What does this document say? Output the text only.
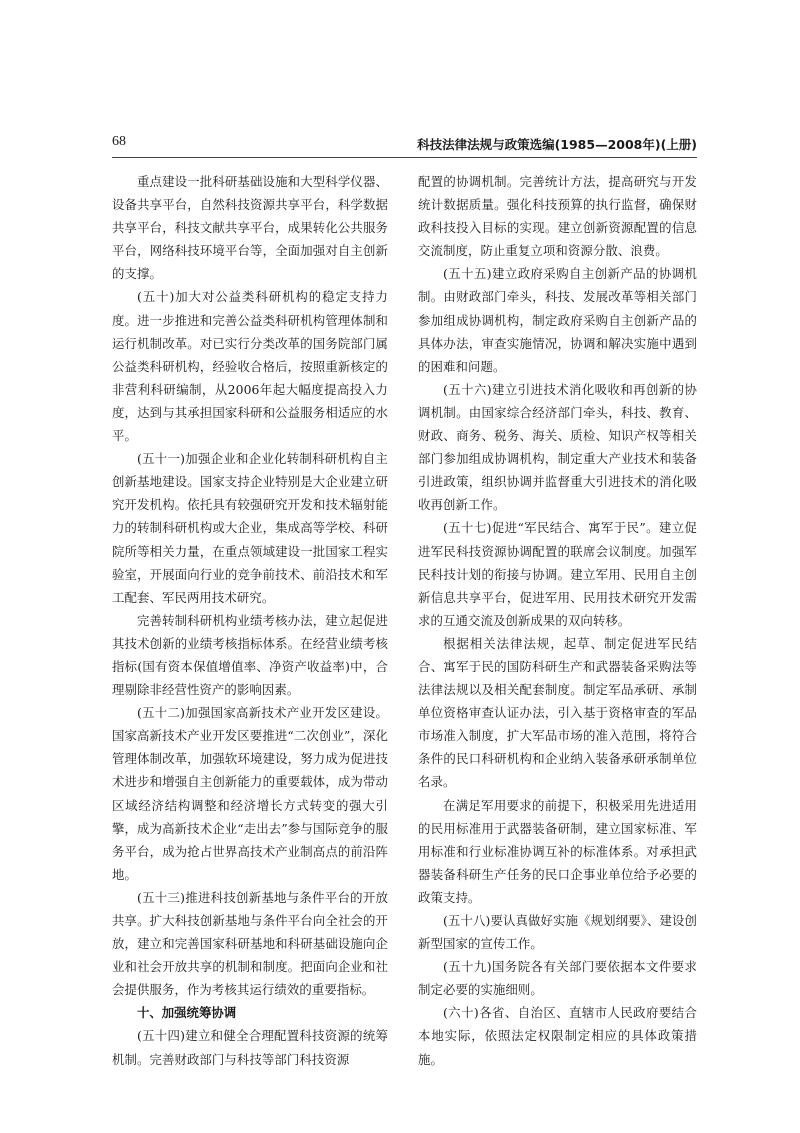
68	科技法律法规与政策选编(1985—2008年)(上册)

重点建设一批科研基础设施和大型科学仪器、设备共享平台，自然科技资源共享平台，科学数据共享平台，科技文献共享平台，成果转化公共服务平台，网络科技环境平台等，全面加强对自主创新的支撑。

(五十)加大对公益类科研机构的稳定支持力度。进一步推进和完善公益类科研机构管理体制和运行机制改革。对已实行分类改革的国务院部门属公益类科研机构，经验收合格后，按照重新核定的非营利科研编制，从2006年起大幅度提高投入力度，达到与其承担国家科研和公益服务相适应的水平。

(五十一)加强企业和企业化转制科研机构自主创新基地建设。国家支持企业特别是大企业建立研究开发机构。依托具有较强研究开发和技术辐射能力的转制科研机构或大企业，集成高等学校、科研院所等相关力量，在重点领域建设一批国家工程实验室，开展面向行业的竞争前技术、前沿技术和军工配套、军民两用技术研究。

完善转制科研机构业绩考核办法，建立起促进其技术创新的业绩考核指标体系。在经营业绩考核指标(国有资本保值增值率、净资产收益率)中，合理剔除非经营性资产的影响因素。

(五十二)加强国家高新技术产业开发区建设。国家高新技术产业开发区要推进“二次创业”，深化管理体制改革，加强软环境建设，努力成为促进技术进步和增强自主创新能力的重要载体，成为带动区域经济结构调整和经济增长方式转变的强大引擎，成为高新技术企业“走出去”参与国际竞争的服务平台，成为抢占世界高技术产业制高点的前沿阵地。

(五十三)推进科技创新基地与条件平台的开放共享。扩大科技创新基地与条件平台向全社会的开放，建立和完善国家科研基地和科研基础设施向企业和社会开放共享的机制和制度。把面向企业和社会提供服务，作为考核其运行绩效的重要指标。

十、加强统筹协调

(五十四)建立和健全合理配置科技资源的统筹机制。完善财政部门与科技等部门科技资源

配置的协调机制。完善统计方法，提高研究与开发统计数据质量。强化科技预算的执行监督，确保财政科技投入目标的实现。建立创新资源配置的信息交流制度，防止重复立项和资源分散、浪费。

(五十五)建立政府采购自主创新产品的协调机制。由财政部门牵头，科技、发展改革等相关部门参加组成协调机构，制定政府采购自主创新产品的具体办法，审查实施情况，协调和解决实施中遇到的困难和问题。

(五十六)建立引进技术消化吸收和再创新的协调机制。由国家综合经济部门牵头，科技、教育、财政、商务、税务、海关、质检、知识产权等相关部门参加组成协调机构，制定重大产业技术和装备引进政策，组织协调并监督重大引进技术的消化吸收再创新工作。

(五十七)促进“军民结合、寓军于民”。建立促进军民科技资源协调配置的联席会议制度。加强军民科技计划的衔接与协调。建立军用、民用自主创新信息共享平台，促进军用、民用技术研究开发需求的互通交流及创新成果的双向转移。

根据相关法律法规，起草、制定促进军民结合、寓军于民的国防科研生产和武器装备采购法等法律法规以及相关配套制度。制定军品承研、承制单位资格审查认证办法，引入基于资格审查的军品市场准入制度，扩大军品市场的准入范围，将符合条件的民口科研机构和企业纳入装备承研承制单位名录。

在满足军用要求的前提下，积极采用先进适用的民用标准用于武器装备研制，建立国家标准、军用标准和行业标准协调互补的标准体系。对承担武器装备科研生产任务的民口企事业单位给予必要的政策支持。

(五十八)要认真做好实施《规划纲要》、建设创新型国家的宣传工作。

(五十九)国务院各有关部门要依据本文件要求制定必要的实施细则。

(六十)各省、自治区、直辖市人民政府要结合本地实际，依照法定权限制定相应的具体政策措施。
